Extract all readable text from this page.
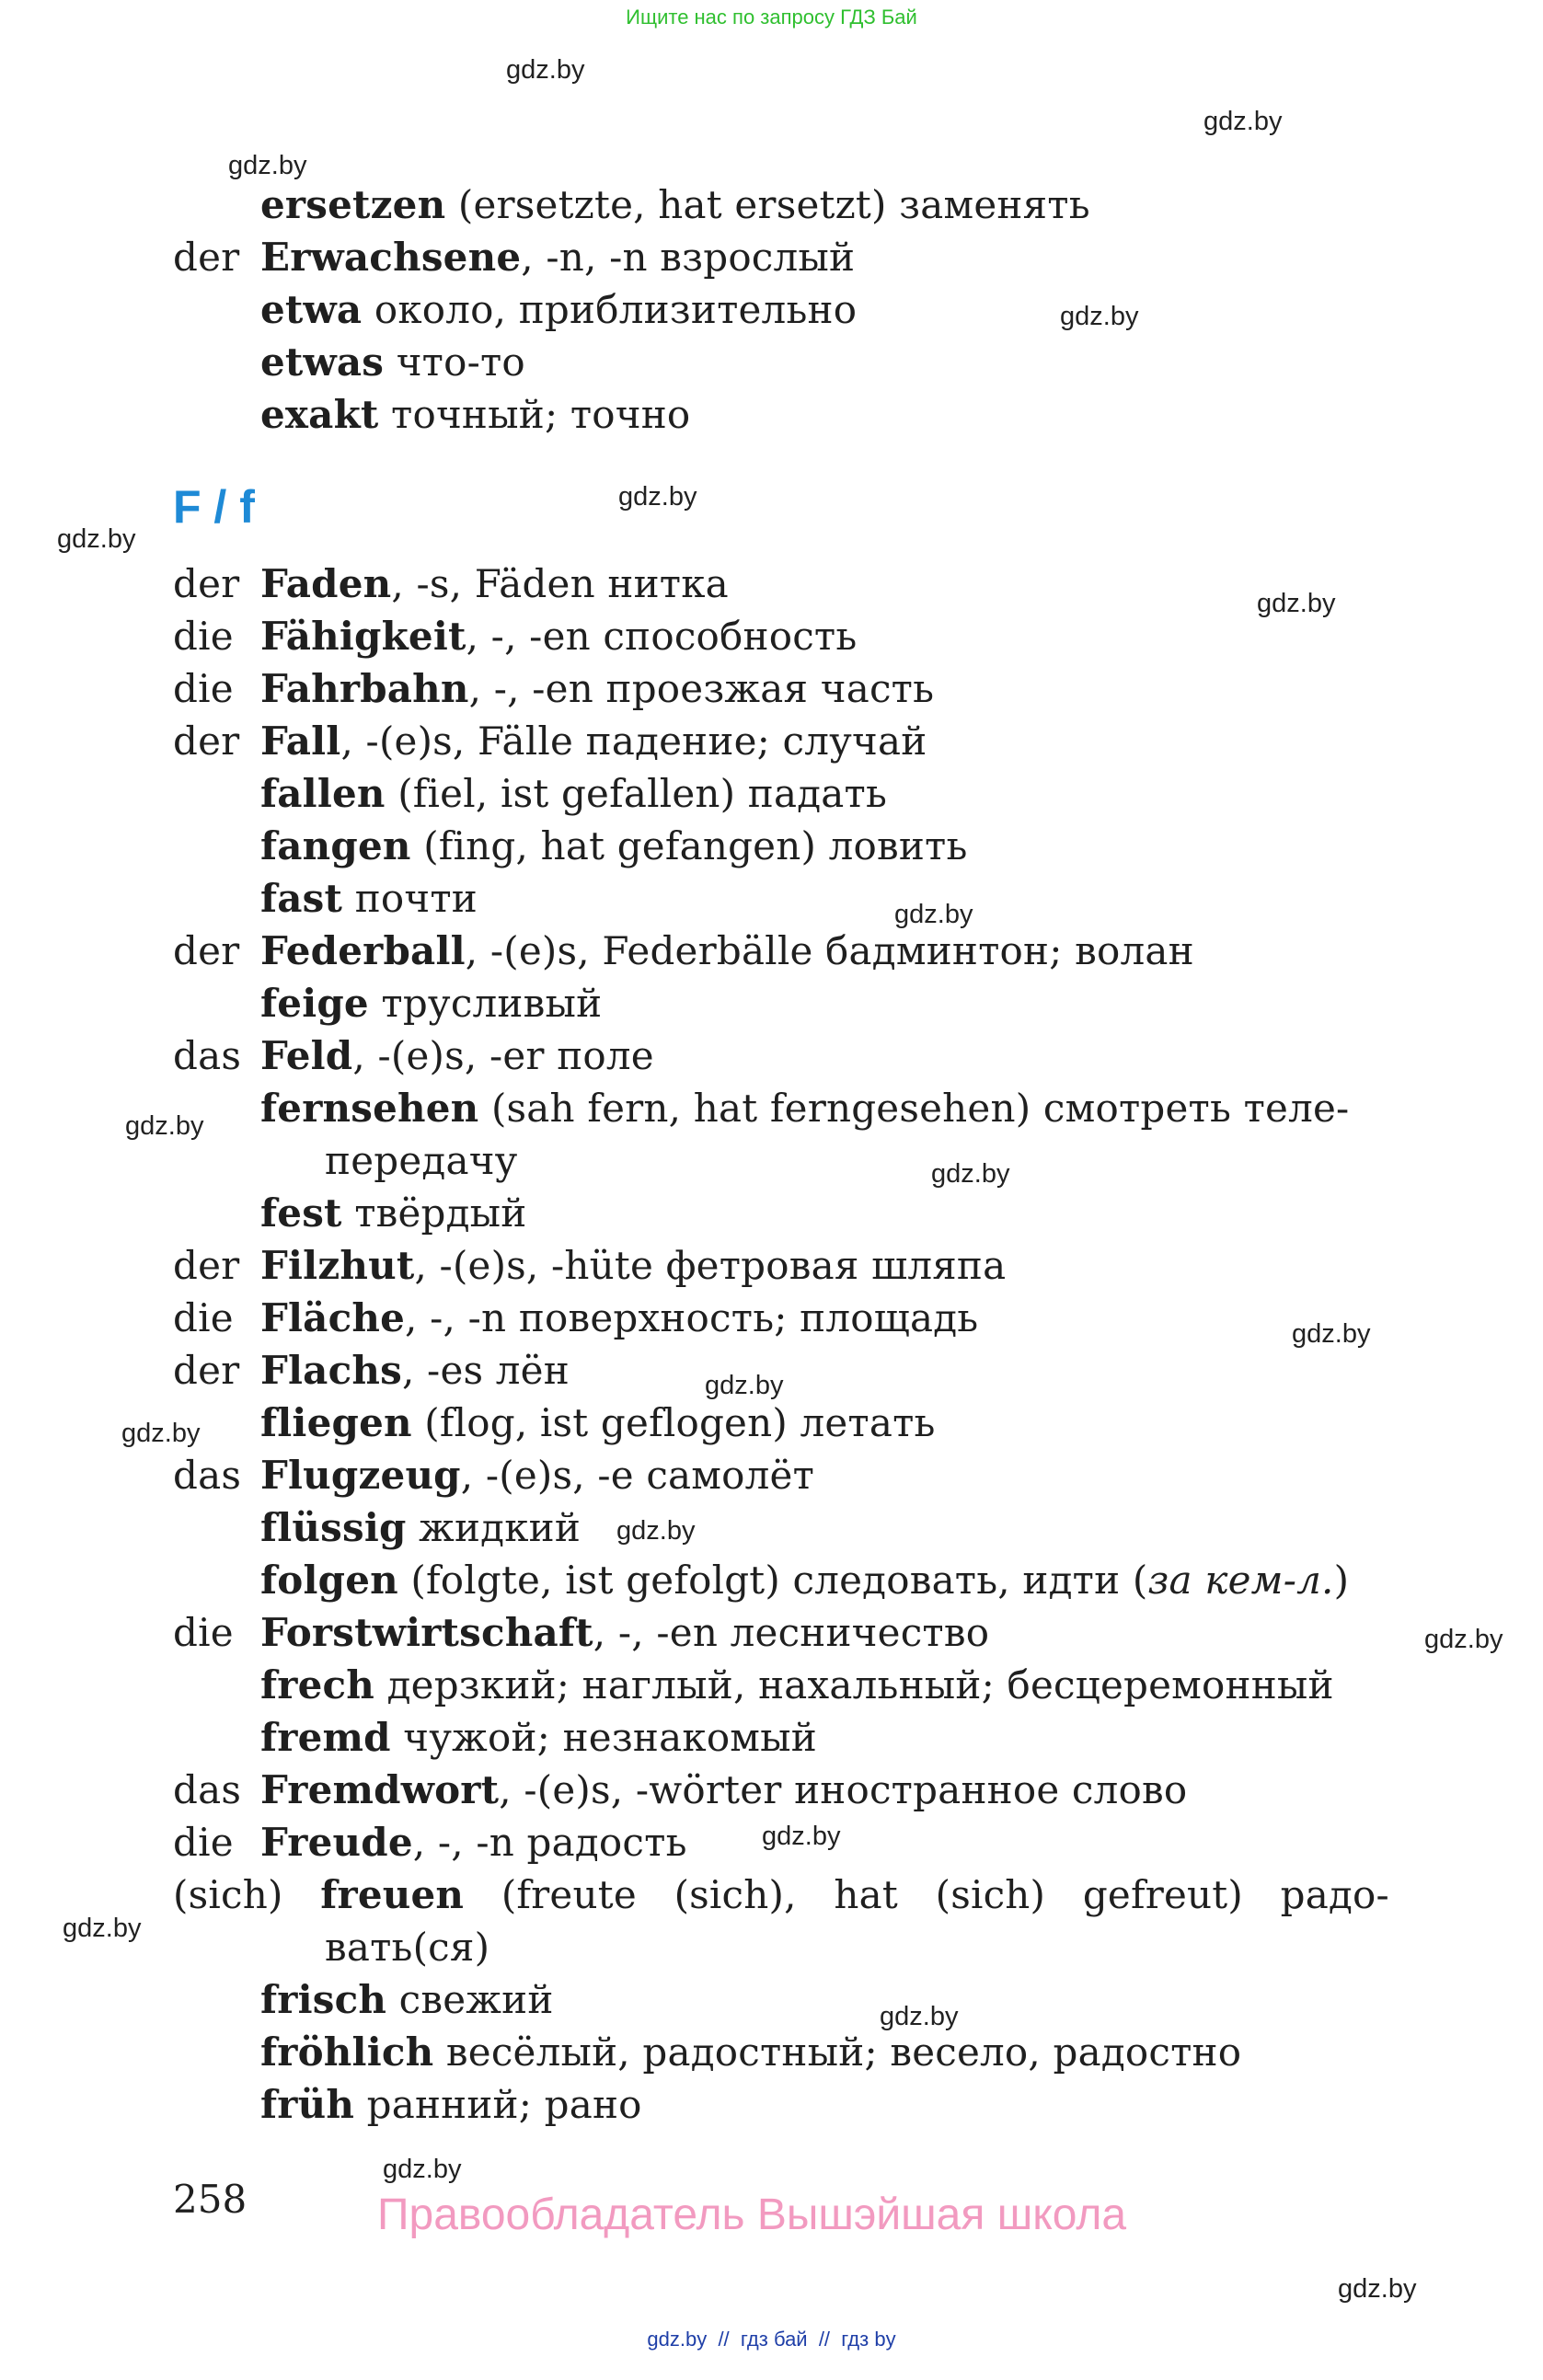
Ищите нас по запросу ГДЗ Бай
gdz.by
gdz.by
gdz.by
gdz.by
gdz.by
gdz.by
gdz.by
gdz.by
gdz.by
gdz.by
gdz.by
gdz.by
gdz.by
gdz.by
gdz.by
gdz.by
gdz.by
gdz.by
gdz.by
gdz.by
F / f
ersetzen (ersetzte, hat ersetzt) заменять
der Erwachsene, -n, -n взрослый
etwa около, приблизительно
etwas что-то
exakt точный; точно
der Faden, -s, Fäden нитка
die Fähigkeit, -, -en способность
die Fahrbahn, -, -en проезжая часть
der Fall, -(e)s, Fälle падение; случай
fallen (fiel, ist gefallen) падать
fangen (fing, hat gefangen) ловить
fast почти
der Federball, -(e)s, Federbälle бадминтон; волан
feige трусливый
das Feld, -(e)s, -er поле
fernsehen (sah fern, hat ferngesehen) смотреть теле-
передачу
fest твёрдый
der Filzhut, -(e)s, -hüte фетровая шляпа
die Fläche, -, -n поверхность; площадь
der Flachs, -es лён
fliegen (flog, ist geflogen) летать
das Flugzeug, -(e)s, -e самолёт
flüssig жидкий
folgen (folgte, ist gefolgt) следовать, идти (за кем-л.)
die Forstwirtschaft, -, -en лесничество
frech дерзкий; наглый, нахальный; бесцеремонный
fremd чужой; незнакомый
das Fremdwort, -(e)s, -wörter иностранное слово
die Freude, -, -n радость
(sich) freuen (freute (sich), hat (sich) gefreut) радо-
вать(ся)
frisch свежий
fröhlich весёлый, радостный; весело, радостно
früh ранний; рано
258	Правообладатель Вышэйшая школа
gdz.by  //  гдз бай  //  гдз by
